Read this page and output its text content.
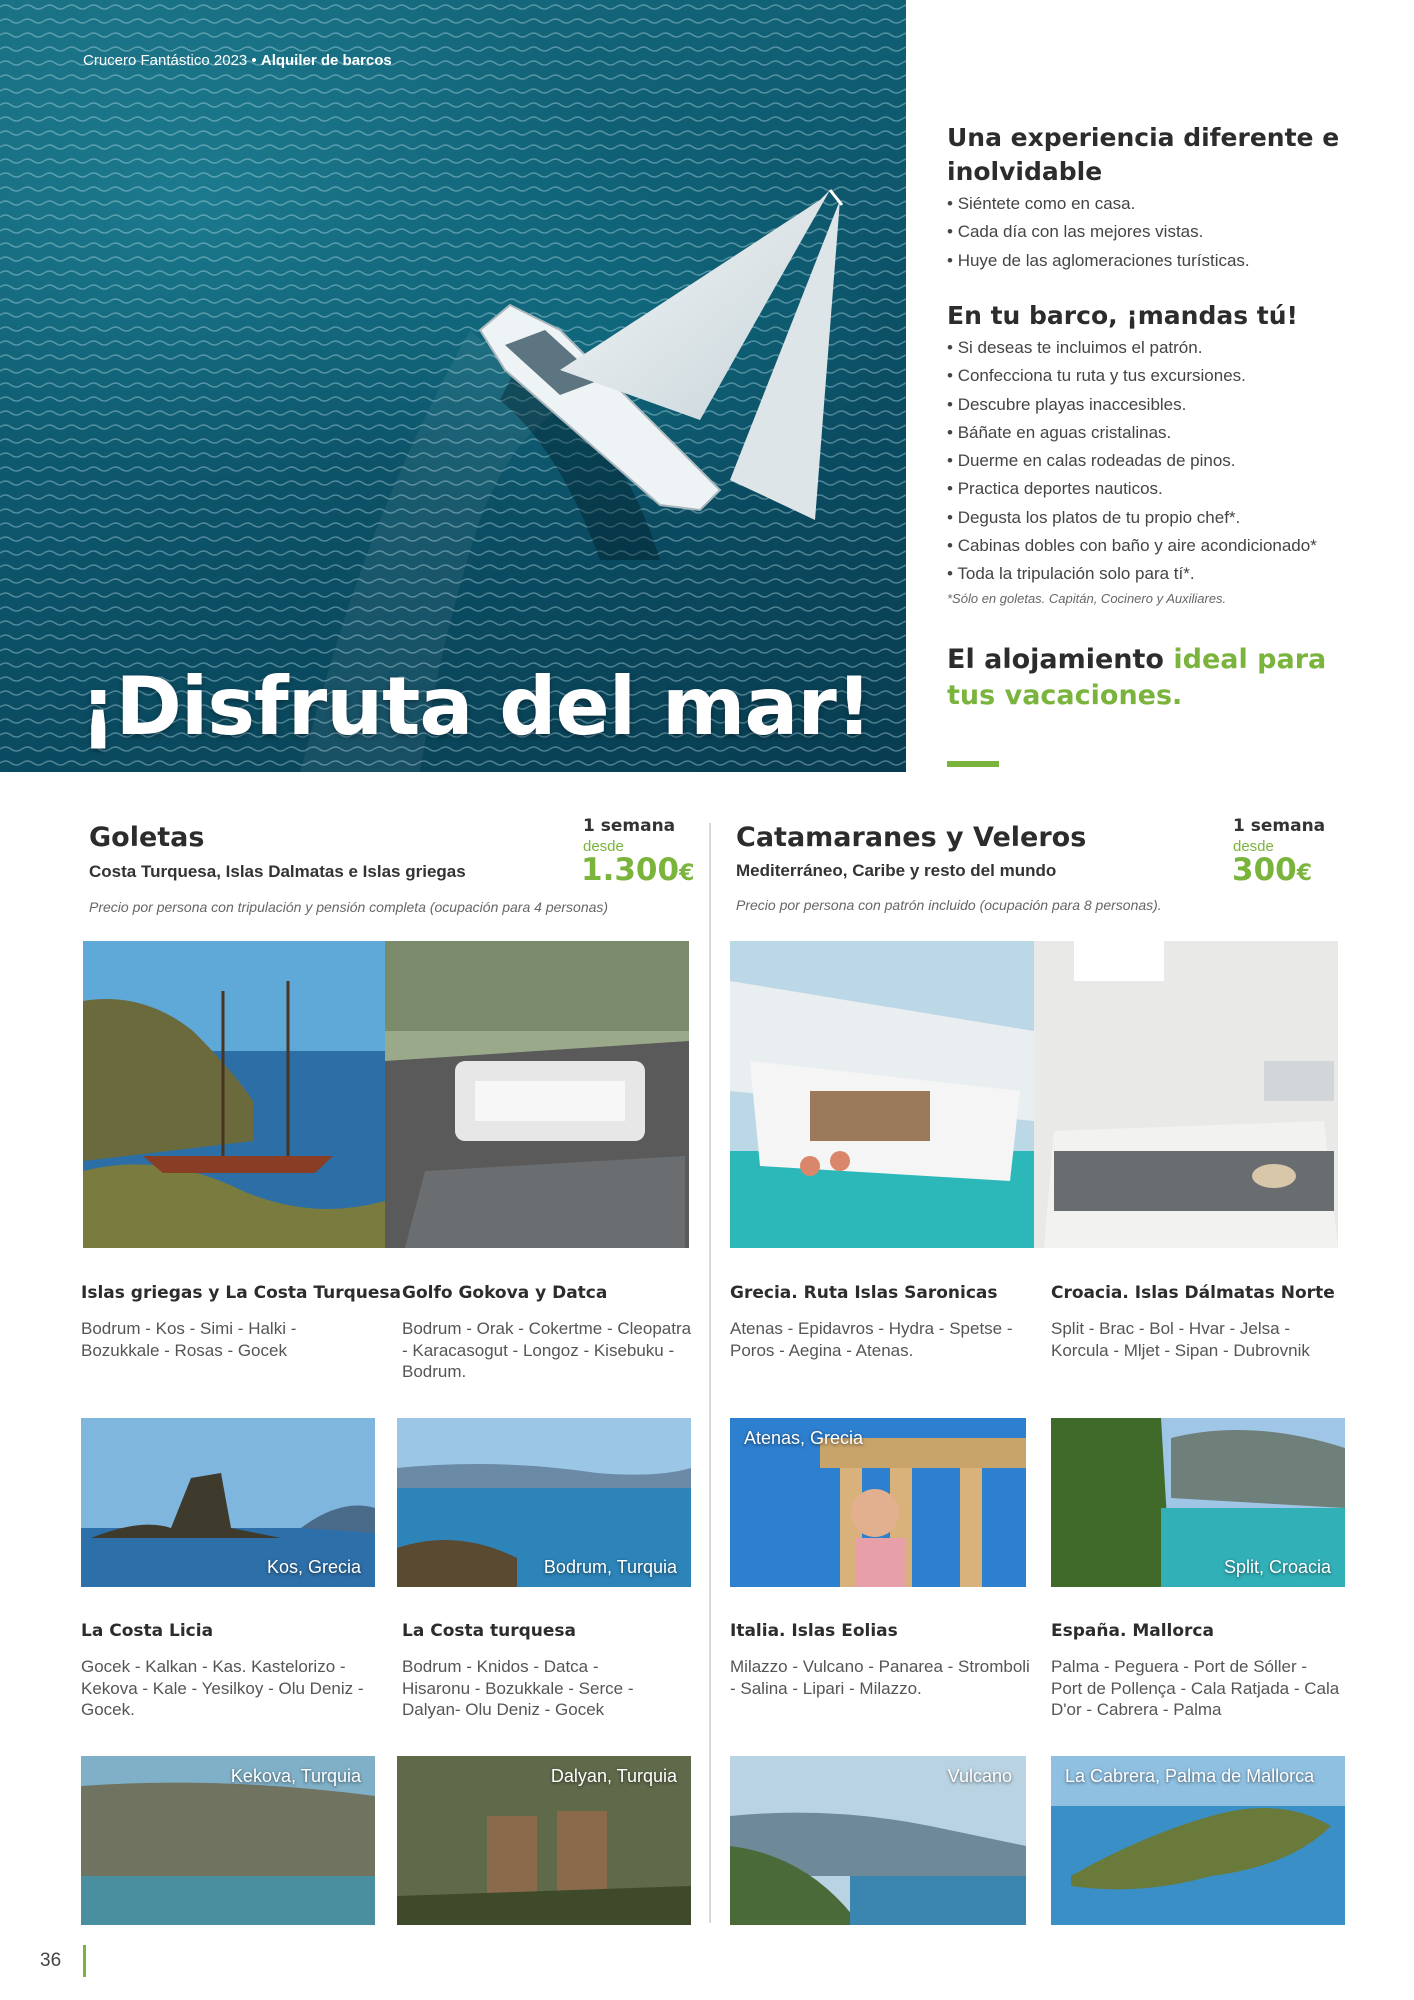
Crucero Fantástico 2023 • Alquiler de barcos
¡Disfruta del mar!
Una experiencia diferente e inolvidable
• Siéntete como en casa.
• Cada día con las mejores vistas.
• Huye de las aglomeraciones turísticas.
En tu barco, ¡mandas tú!
• Si deseas te incluimos el patrón.
• Confecciona tu ruta y tus excursiones.
• Descubre playas inaccesibles.
• Báñate en aguas cristalinas.
• Duerme en calas rodeadas de pinos.
• Practica deportes nauticos.
• Degusta los platos de tu propio chef*.
• Cabinas dobles con baño y aire acondicionado*
• Toda la tripulación solo para tí*.
*Sólo en goletas. Capitán, Cocinero y Auxiliares.
El alojamiento ideal para
tus vacaciones.
Goletas
Costa Turquesa, Islas Dalmatas e Islas griegas
1 semana
desde
1.300€
Precio por persona con tripulación y pensión completa (ocupación para 4 personas)
Catamaranes y Veleros
Mediterráneo, Caribe y resto del mundo
1 semana
desde
300€
Precio por persona con patrón incluido (ocupación para 8 personas).
Islas griegas y La Costa Turquesa
Bodrum - Kos - Simi - Halki - Bozukkale - Rosas - Gocek
Golfo Gokova y Datca
Bodrum - Orak - Cokertme - Cleopatra - Karacasogut - Longoz - Kisebuku - Bodrum.
Grecia. Ruta Islas Saronicas
Atenas - Epidavros - Hydra - Spetse - Poros - Aegina - Atenas.
Croacia. Islas Dálmatas Norte
Split - Brac - Bol - Hvar - Jelsa - Korcula - Mljet - Sipan - Dubrovnik
Kos, Grecia	Bodrum, Turquia
Atenas, Grecia
Split, Croacia
La Costa Licia
Gocek - Kalkan - Kas. Kastelorizo - Kekova - Kale - Yesilkoy - Olu Deniz - Gocek.
La Costa turquesa
Bodrum - Knidos - Datca - Hisaronu - Bozukkale - Serce - Dalyan- Olu Deniz - Gocek
Italia. Islas Eolias
Milazzo - Vulcano - Panarea - Stromboli - Salina - Lipari - Milazzo.
España. Mallorca
Palma - Peguera - Port de Sóller - Port de Pollença - Cala Ratjada - Cala D'or - Cabrera - Palma
Kekova, Turquia	Dalyan, Turquia	Vulcano	La Cabrera, Palma de Mallorca
36
